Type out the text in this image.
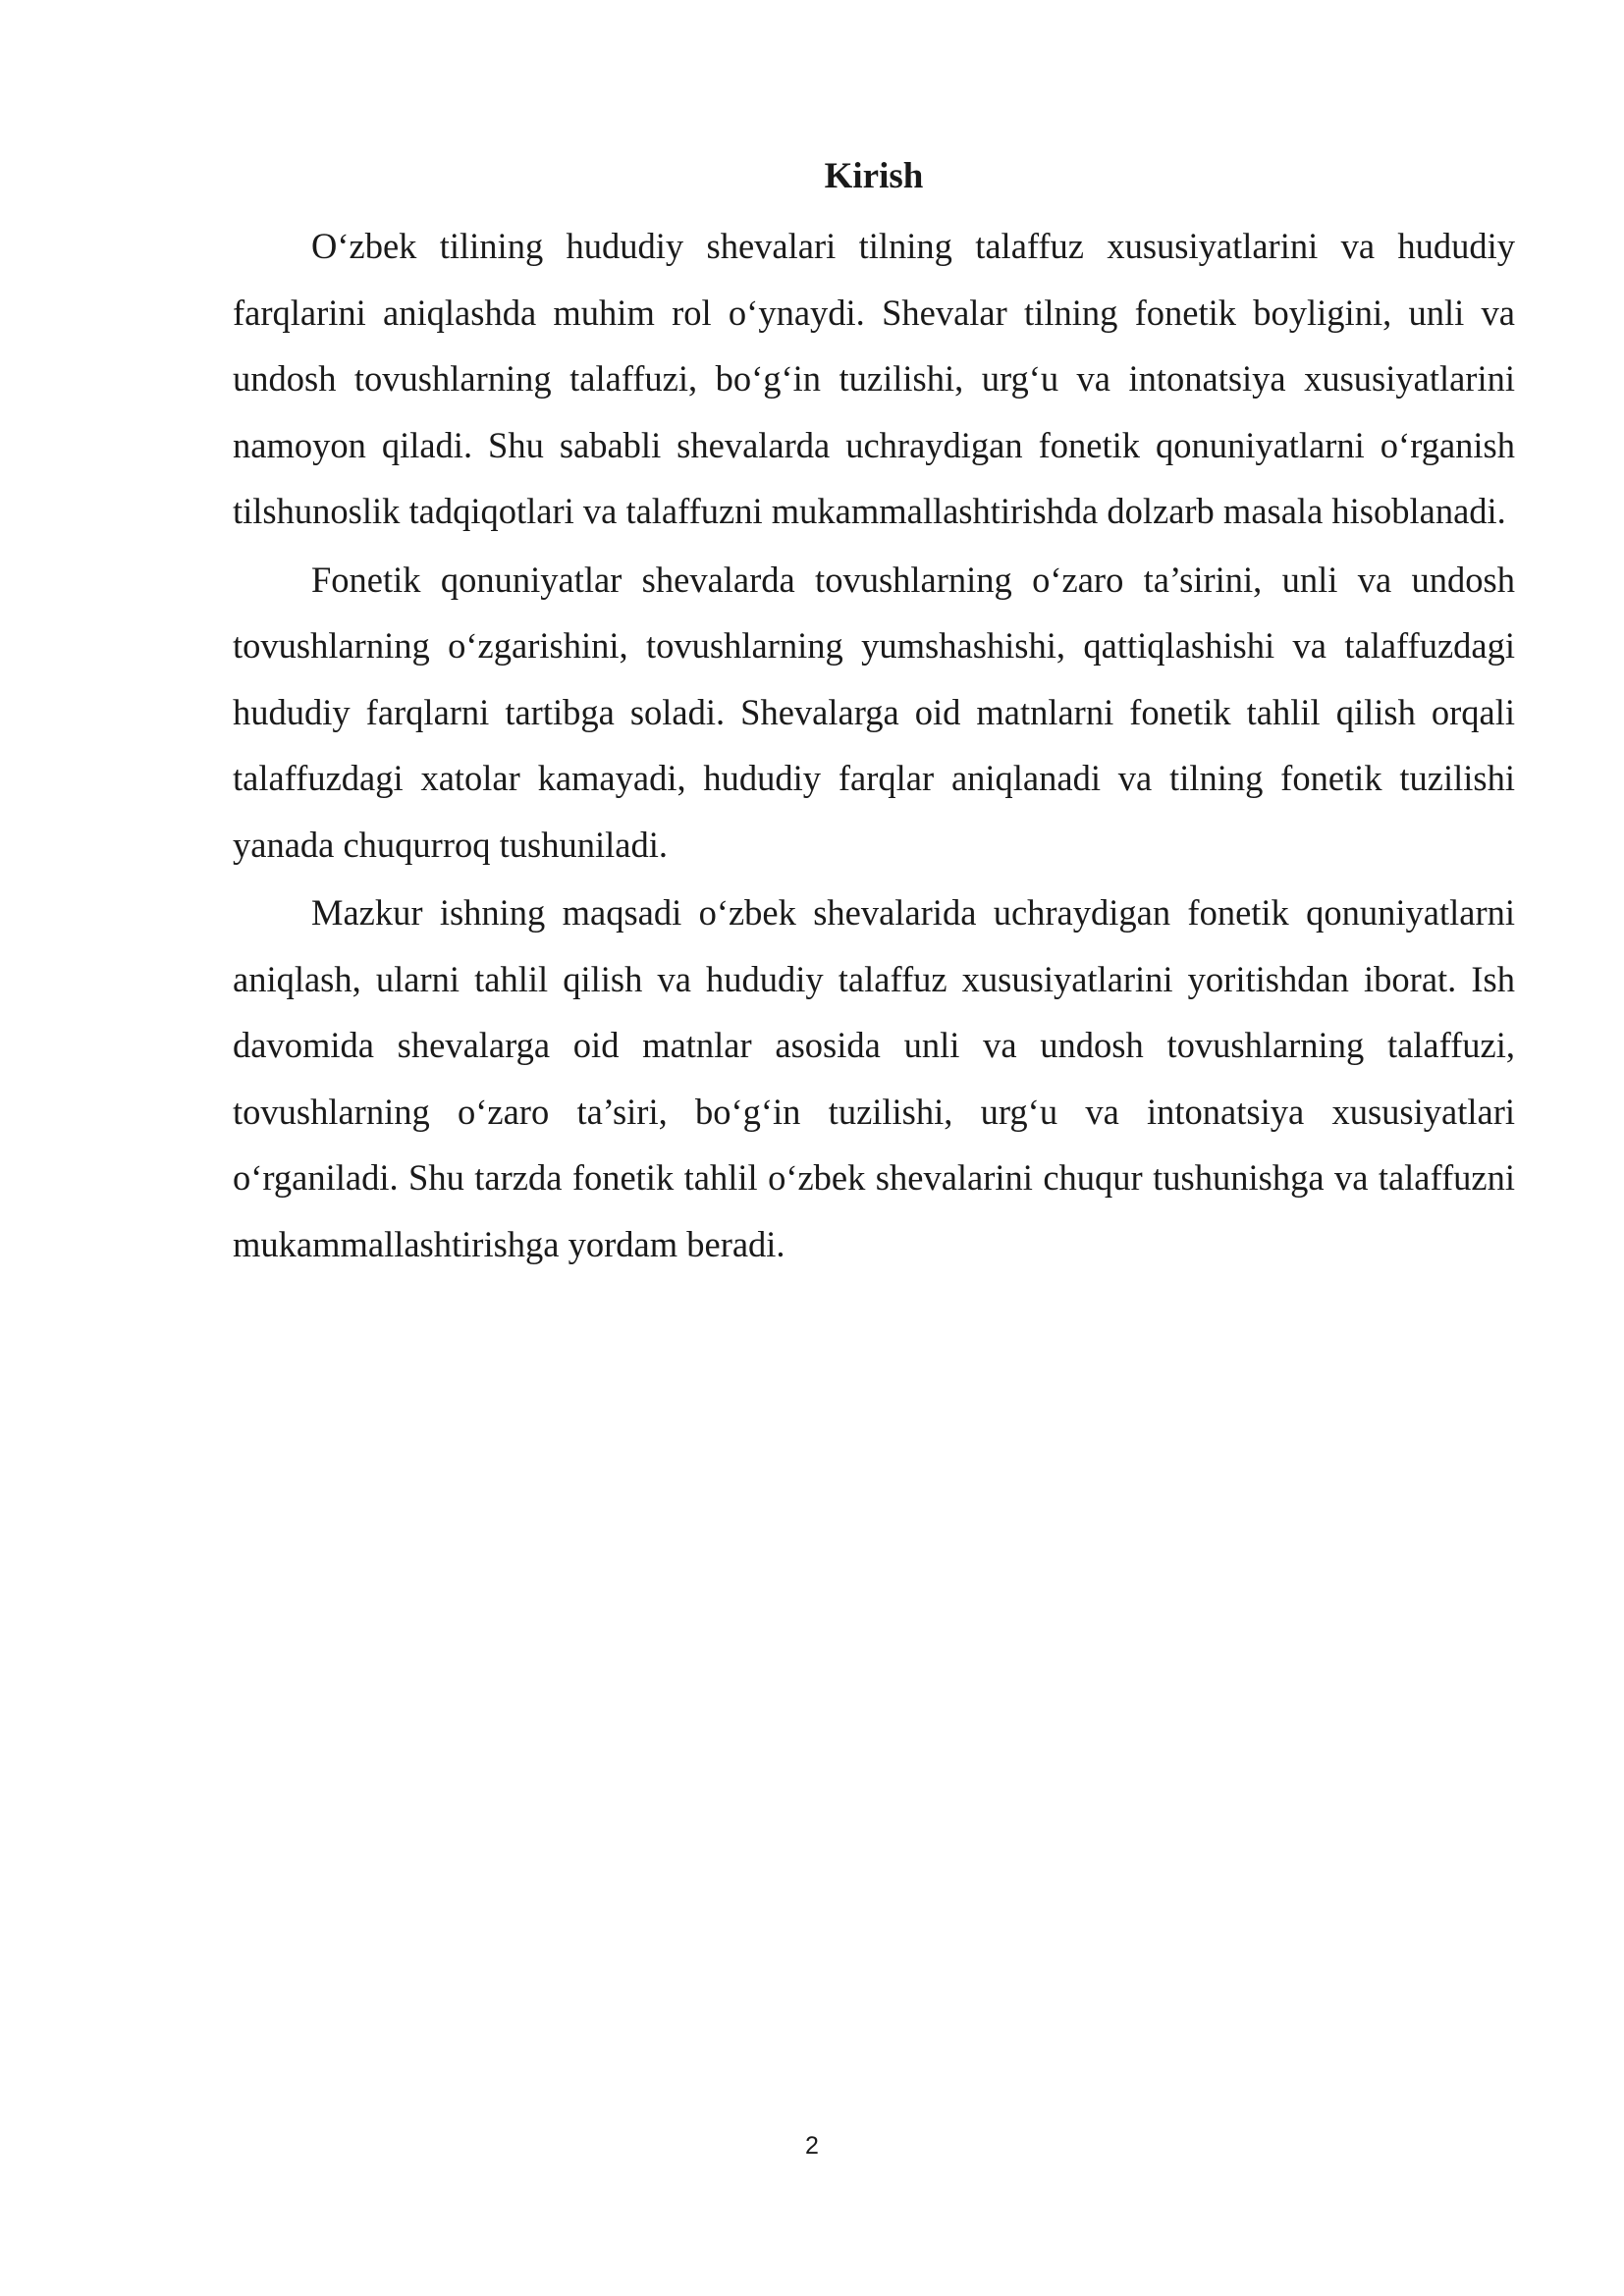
Kirish

O‘zbek tilining hududiy shevalari tilning talaffuz xususiyatlarini va hududiy farqlarini aniqlashda muhim rol o‘ynaydi. Shevalar tilning fonetik boyligini, unli va undosh tovushlarning talaffuzi, bo‘g‘in tuzilishi, urg‘u va intonatsiya xususiyatlarini namoyon qiladi. Shu sababli shevalarda uchraydigan fonetik qonuniyatlarni o‘rganish tilshunoslik tadqiqotlari va talaffuzni mukammallashtirishda dolzarb masala hisoblanadi.

Fonetik qonuniyatlar shevalarda tovushlarning o‘zaro ta’sirini, unli va undosh tovushlarning o‘zgarishini, tovushlarning yumshashishi, qattiqlashishi va talaffuzdagi hududiy farqlarni tartibga soladi. Shevalarga oid matnlarni fonetik tahlil qilish orqali talaffuzdagi xatolar kamayadi, hududiy farqlar aniqlanadi va tilning fonetik tuzilishi yanada chuqurroq tushuniladi.

Mazkur ishning maqsadi o‘zbek shevalarida uchraydigan fonetik qonuniyatlarni aniqlash, ularni tahlil qilish va hududiy talaffuz xususiyatlarini yoritishdan iborat. Ish davomida shevalarga oid matnlar asosida unli va undosh tovushlarning talaffuzi, tovushlarning o‘zaro ta’siri, bo‘g‘in tuzilishi, urg‘u va intonatsiya xususiyatlari o‘rganiladi. Shu tarzda fonetik tahlil o‘zbek shevalarini chuqur tushunishga va talaffuzni mukammallashtirishga yordam beradi.

2
